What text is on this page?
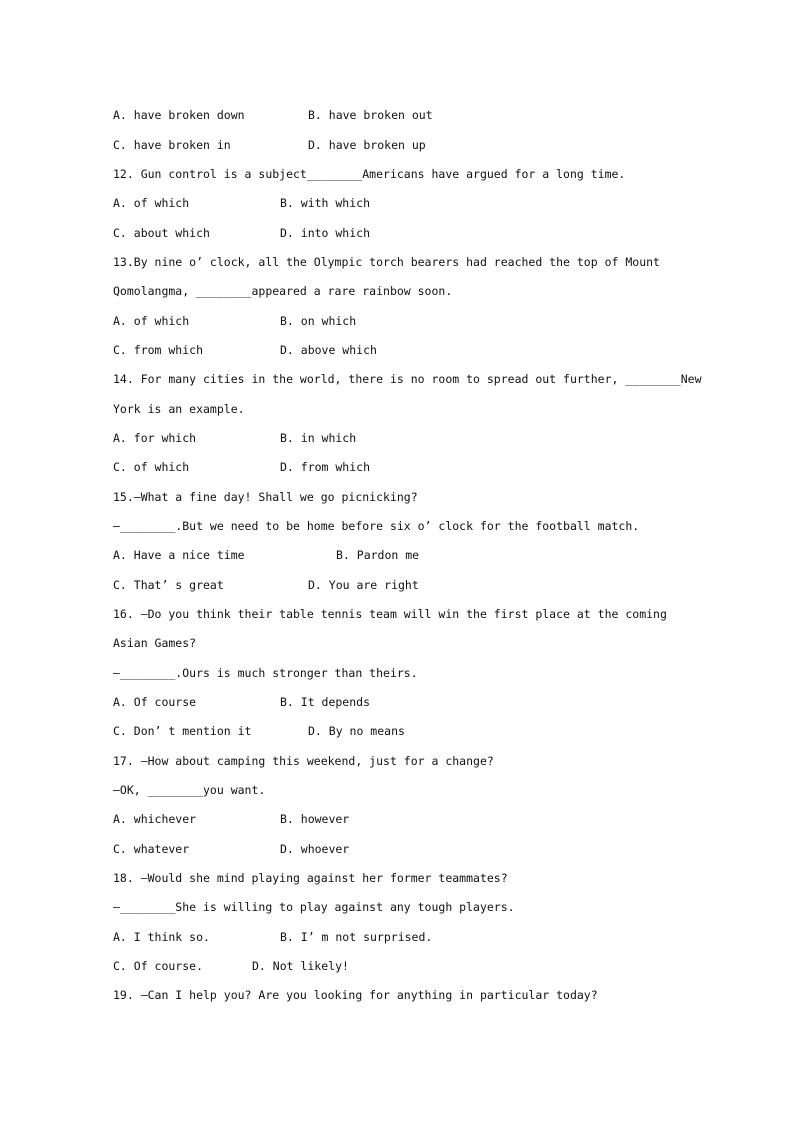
A. have broken down	B. have broken out
C. have broken in	D. have broken up
12. Gun control is a subject________Americans have argued for a long time.
A. of which	B. with which
C. about which	D. into which
13.By nine o’ clock, all the Olympic torch bearers had reached the top of Mount
Qomolangma, ________appeared a rare rainbow soon.
A. of which	B. on which
C. from which	D. above which
14. For many cities in the world, there is no room to spread out further, ________New
York is an example.
A. for which	B. in which
C. of which	D. from which
15.—What a fine day! Shall we go picnicking?
—________.But we need to be home before six o’ clock for the football match.
A. Have a nice time	B. Pardon me
C. That’ s great	D. You are right
16. —Do you think their table tennis team will win the first place at the coming
Asian Games?
—________.Ours is much stronger than theirs.
A. Of course	B. It depends
C. Don’ t mention it	D. By no means
17. —How about camping this weekend, just for a change?
—OK, ________you want.
A. whichever	B. however
C. whatever	D. whoever
18. —Would she mind playing against her former teammates?
—________She is willing to play against any tough players.
A. I think so.	B. I’ m not surprised.
C. Of course.	D. Not likely!
19. —Can I help you? Are you looking for anything in particular today?
